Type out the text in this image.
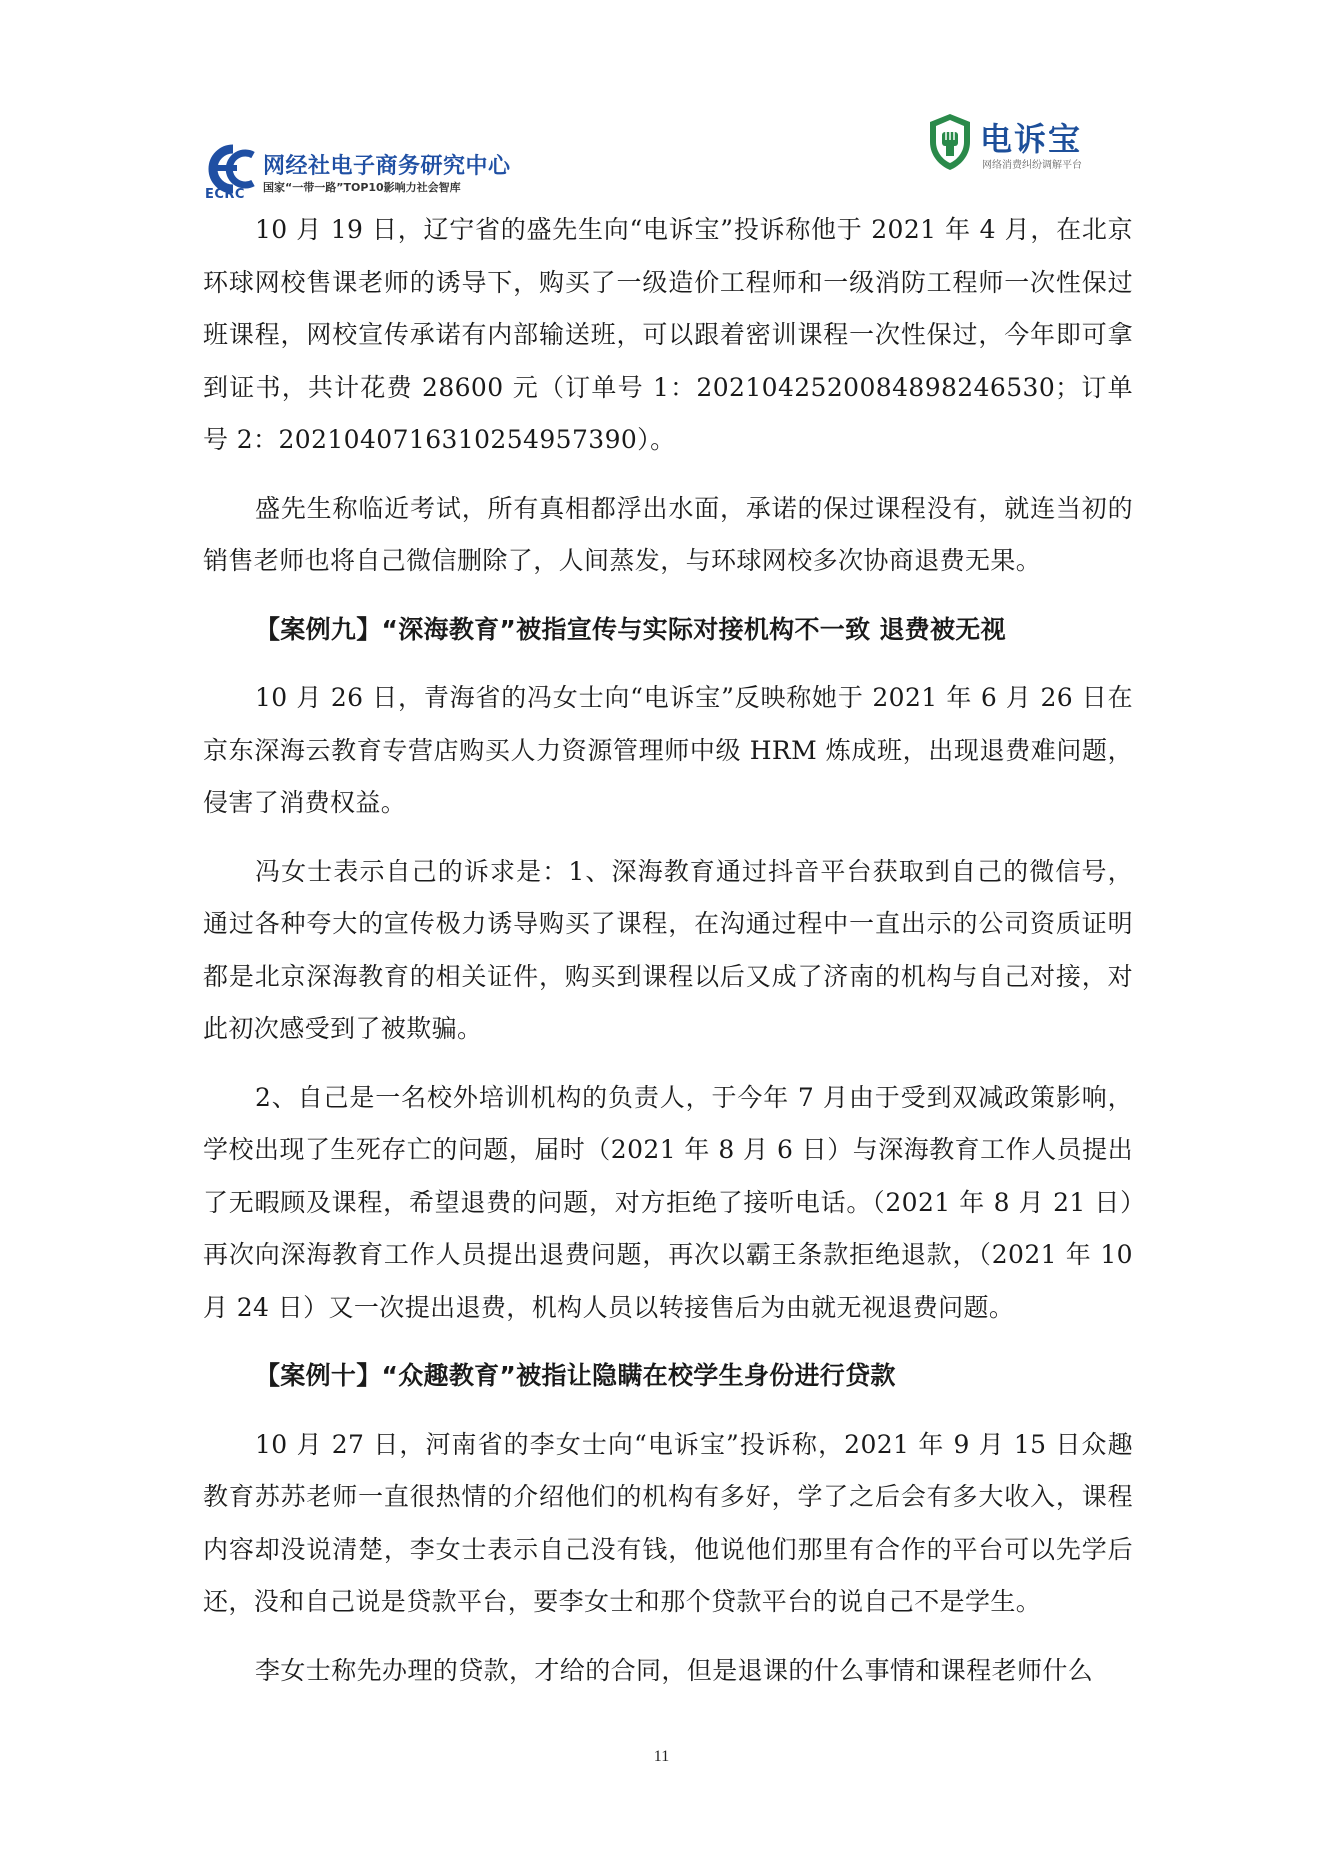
ECRC
网经社电子商务研究中心
国家“一带一路”TOP10影响力社会智库
电诉宝
网络消费纠纷调解平台

10 月 19 日，辽宁省的盛先生向“电诉宝”投诉称他于 2021 年 4 月，在北京环球网校售课老师的诱导下，购买了一级造价工程师和一级消防工程师一次性保过班课程，网校宣传承诺有内部输送班，可以跟着密训课程一次性保过，今年即可拿到证书，共计花费 28600 元（订单号 1：20210425200848982465​30；订单号 2：202104071631025495​7390）。

盛先生称临近考试，所有真相都浮出水面，承诺的保过课程没有，就连当初的销售老师也将自己微信删除了，人间蒸发，与环球网校多次协商退费无果。

【案例九】“深海教育”被指宣传与实际对接机构不一致 退费被无视

10 月 26 日，青海省的冯女士向“电诉宝”反映称她于 2021 年 6 月 26 日在京东深海云教育专营店购买人力资源管理师中级 HRM 炼成班，出现退费难问题，侵害了消费权益。

冯女士表示自己的诉求是：1、深海教育通过抖音平台获取到自己的微信号，通过各种夸大的宣传极力诱导购买了课程，在沟通过程中一直出示的公司资质证明都是北京深海教育的相关证件，购买到课程以后又成了济南的机构与自己对接，对此初次感受到了被欺骗。

2、自己是一名校外培训机构的负责人，于今年 7 月由于受到双减政策影响，学校出现了生死存亡的问题，届时（2021 年 8 月 6 日）与深海教育工作人员提出了无暇顾及课程，希望退费的问题，对方拒绝了接听电话。（2021 年 8 月 21 日）再次向深海教育工作人员提出退费问题，再次以霸王条款拒绝退款，（2021 年 10 月 24 日）又一次提出退费，机构人员以转接售后为由就无视退费问题。

【案例十】“众趣教育”被指让隐瞒在校学生身份进行贷款

10 月 27 日，河南省的李女士向“电诉宝”投诉称，2021 年 9 月 15 日众趣教育苏苏老师一直很热情的介绍他们的机构有多好，学了之后会有多大收入，课程内容却没说清楚，李女士表示自己没有钱，他说他们那里有合作的平台可以先学后还，没和自己说是贷款平台，要李女士和那个贷款平台的说自己不是学生。

李女士称先办理的贷款，才给的合同，但是退课的什么事情和课程老师什么

11
